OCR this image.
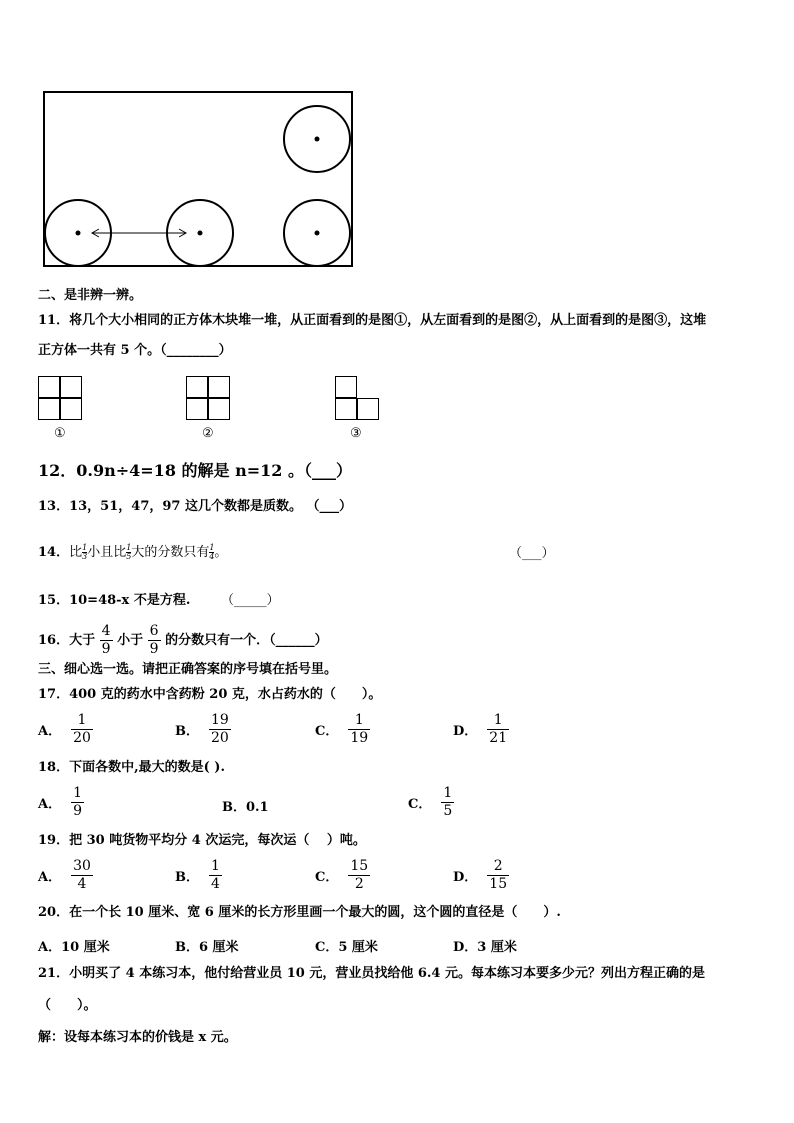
二、是非辨一辨。
11．将几个大小相同的正方体木块堆一堆，从正面看到的是图①，从左面看到的是图②，从上面看到的是图③，这堆
正方体一共有 5 个。（________）
①	②	③
12．0.9n÷4=18 的解是 n=12 。（___）
13．13，51，47，97 这几个数都是质数。 （___）
14．比 $\frac{1}{3}$ 小且比 $\frac{1}{5}$ 大的分数只有 $\frac{1}{4}$ 。	（___）
15．10=48-x 不是方程. （_____）
16．大于 $\frac{4}{9}$ 小于 $\frac{6}{9}$ 的分数只有一个．（______）
三、细心选一选。请把正确答案的序号填在括号里。
17．400 克的药水中含药粉 20 克，水占药水的（　　）。
A． $\frac{1}{20}$	B． $\frac{19}{20}$	C． $\frac{1}{19}$	D． $\frac{1}{21}$
18．下面各数中,最大的数是( ).
A． $\frac{1}{9}$	B．0.1	C． $\frac{1}{5}$
19．把 30 吨货物平均分 4 次运完，每次运（　 ）吨。
A． $\frac{30}{4}$	B． $\frac{1}{4}$	C． $\frac{15}{2}$	D． $\frac{2}{15}$
20．在一个长 10 厘米、宽 6 厘米的长方形里画一个最大的圆，这个圆的直径是（　　）.
A．10 厘米	B．6 厘米	C．5 厘米	D．3 厘米
21．小明买了 4 本练习本，他付给营业员 10 元，营业员找给他 6.4 元。每本练习本要多少元？列出方程正确的是
（　　）。
解：设每本练习本的价钱是 x 元。
